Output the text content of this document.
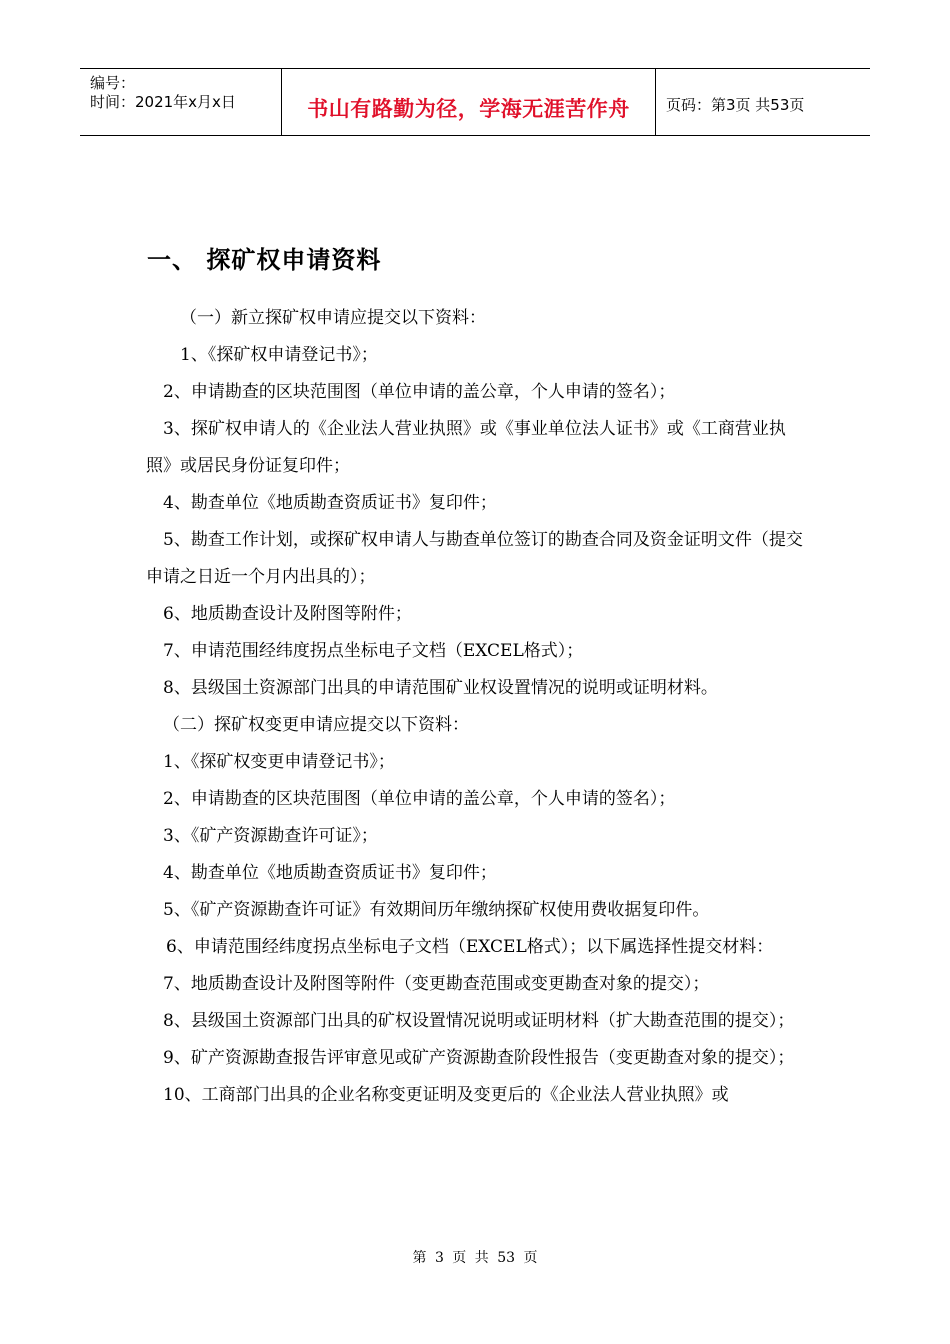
编号：
时间：2021年x月x日	书山有路勤为径，学海无涯苦作舟	页码：第3页 共53页
一、 探矿权申请资料

（一）新立探矿权申请应提交以下资料：

1、《探矿权申请登记书》；

2、申请勘查的区块范围图（单位申请的盖公章，个人申请的签名）；

3、探矿权申请人的《企业法人营业执照》或《事业单位法人证书》或《工商营业执照》或居民身份证复印件；

4、勘查单位《地质勘查资质证书》复印件；

5、勘查工作计划，或探矿权申请人与勘查单位签订的勘查合同及资金证明文件（提交申请之日近一个月内出具的）；

6、地质勘查设计及附图等附件；

7、申请范围经纬度拐点坐标电子文档（EXCEL格式）；

8、县级国土资源部门出具的申请范围矿业权设置情况的说明或证明材料。

（二）探矿权变更申请应提交以下资料：

1、《探矿权变更申请登记书》；

2、申请勘查的区块范围图（单位申请的盖公章，个人申请的签名）；

3、《矿产资源勘查许可证》；

4、勘查单位《地质勘查资质证书》复印件；

5、《矿产资源勘查许可证》有效期间历年缴纳探矿权使用费收据复印件。

6、申请范围经纬度拐点坐标电子文档（EXCEL格式）；以下属选择性提交材料：

7、地质勘查设计及附图等附件（变更勘查范围或变更勘查对象的提交）；

8、县级国土资源部门出具的矿权设置情况说明或证明材料（扩大勘查范围的提交）；

9、矿产资源勘查报告评审意见或矿产资源勘查阶段性报告（变更勘查对象的提交）；

10、工商部门出具的企业名称变更证明及变更后的《企业法人营业执照》或

第 3 页 共 53 页
